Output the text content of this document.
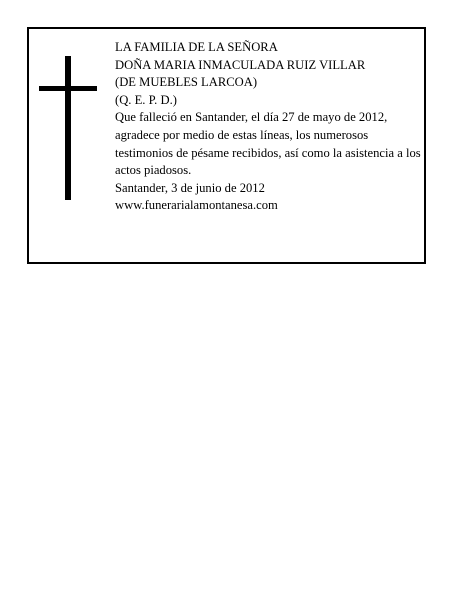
LA FAMILIA DE LA SEÑORA
DOÑA MARIA INMACULADA RUIZ VILLAR
(DE MUEBLES LARCOA)
(Q. E. P. D.)
Que falleció en Santander, el día 27 de mayo de 2012, agradece por medio de estas líneas, los numerosos testimonios de pésame recibidos, así como la asistencia a los actos piadosos.
Santander, 3 de junio de 2012
www.funerarialamontanesa.com
